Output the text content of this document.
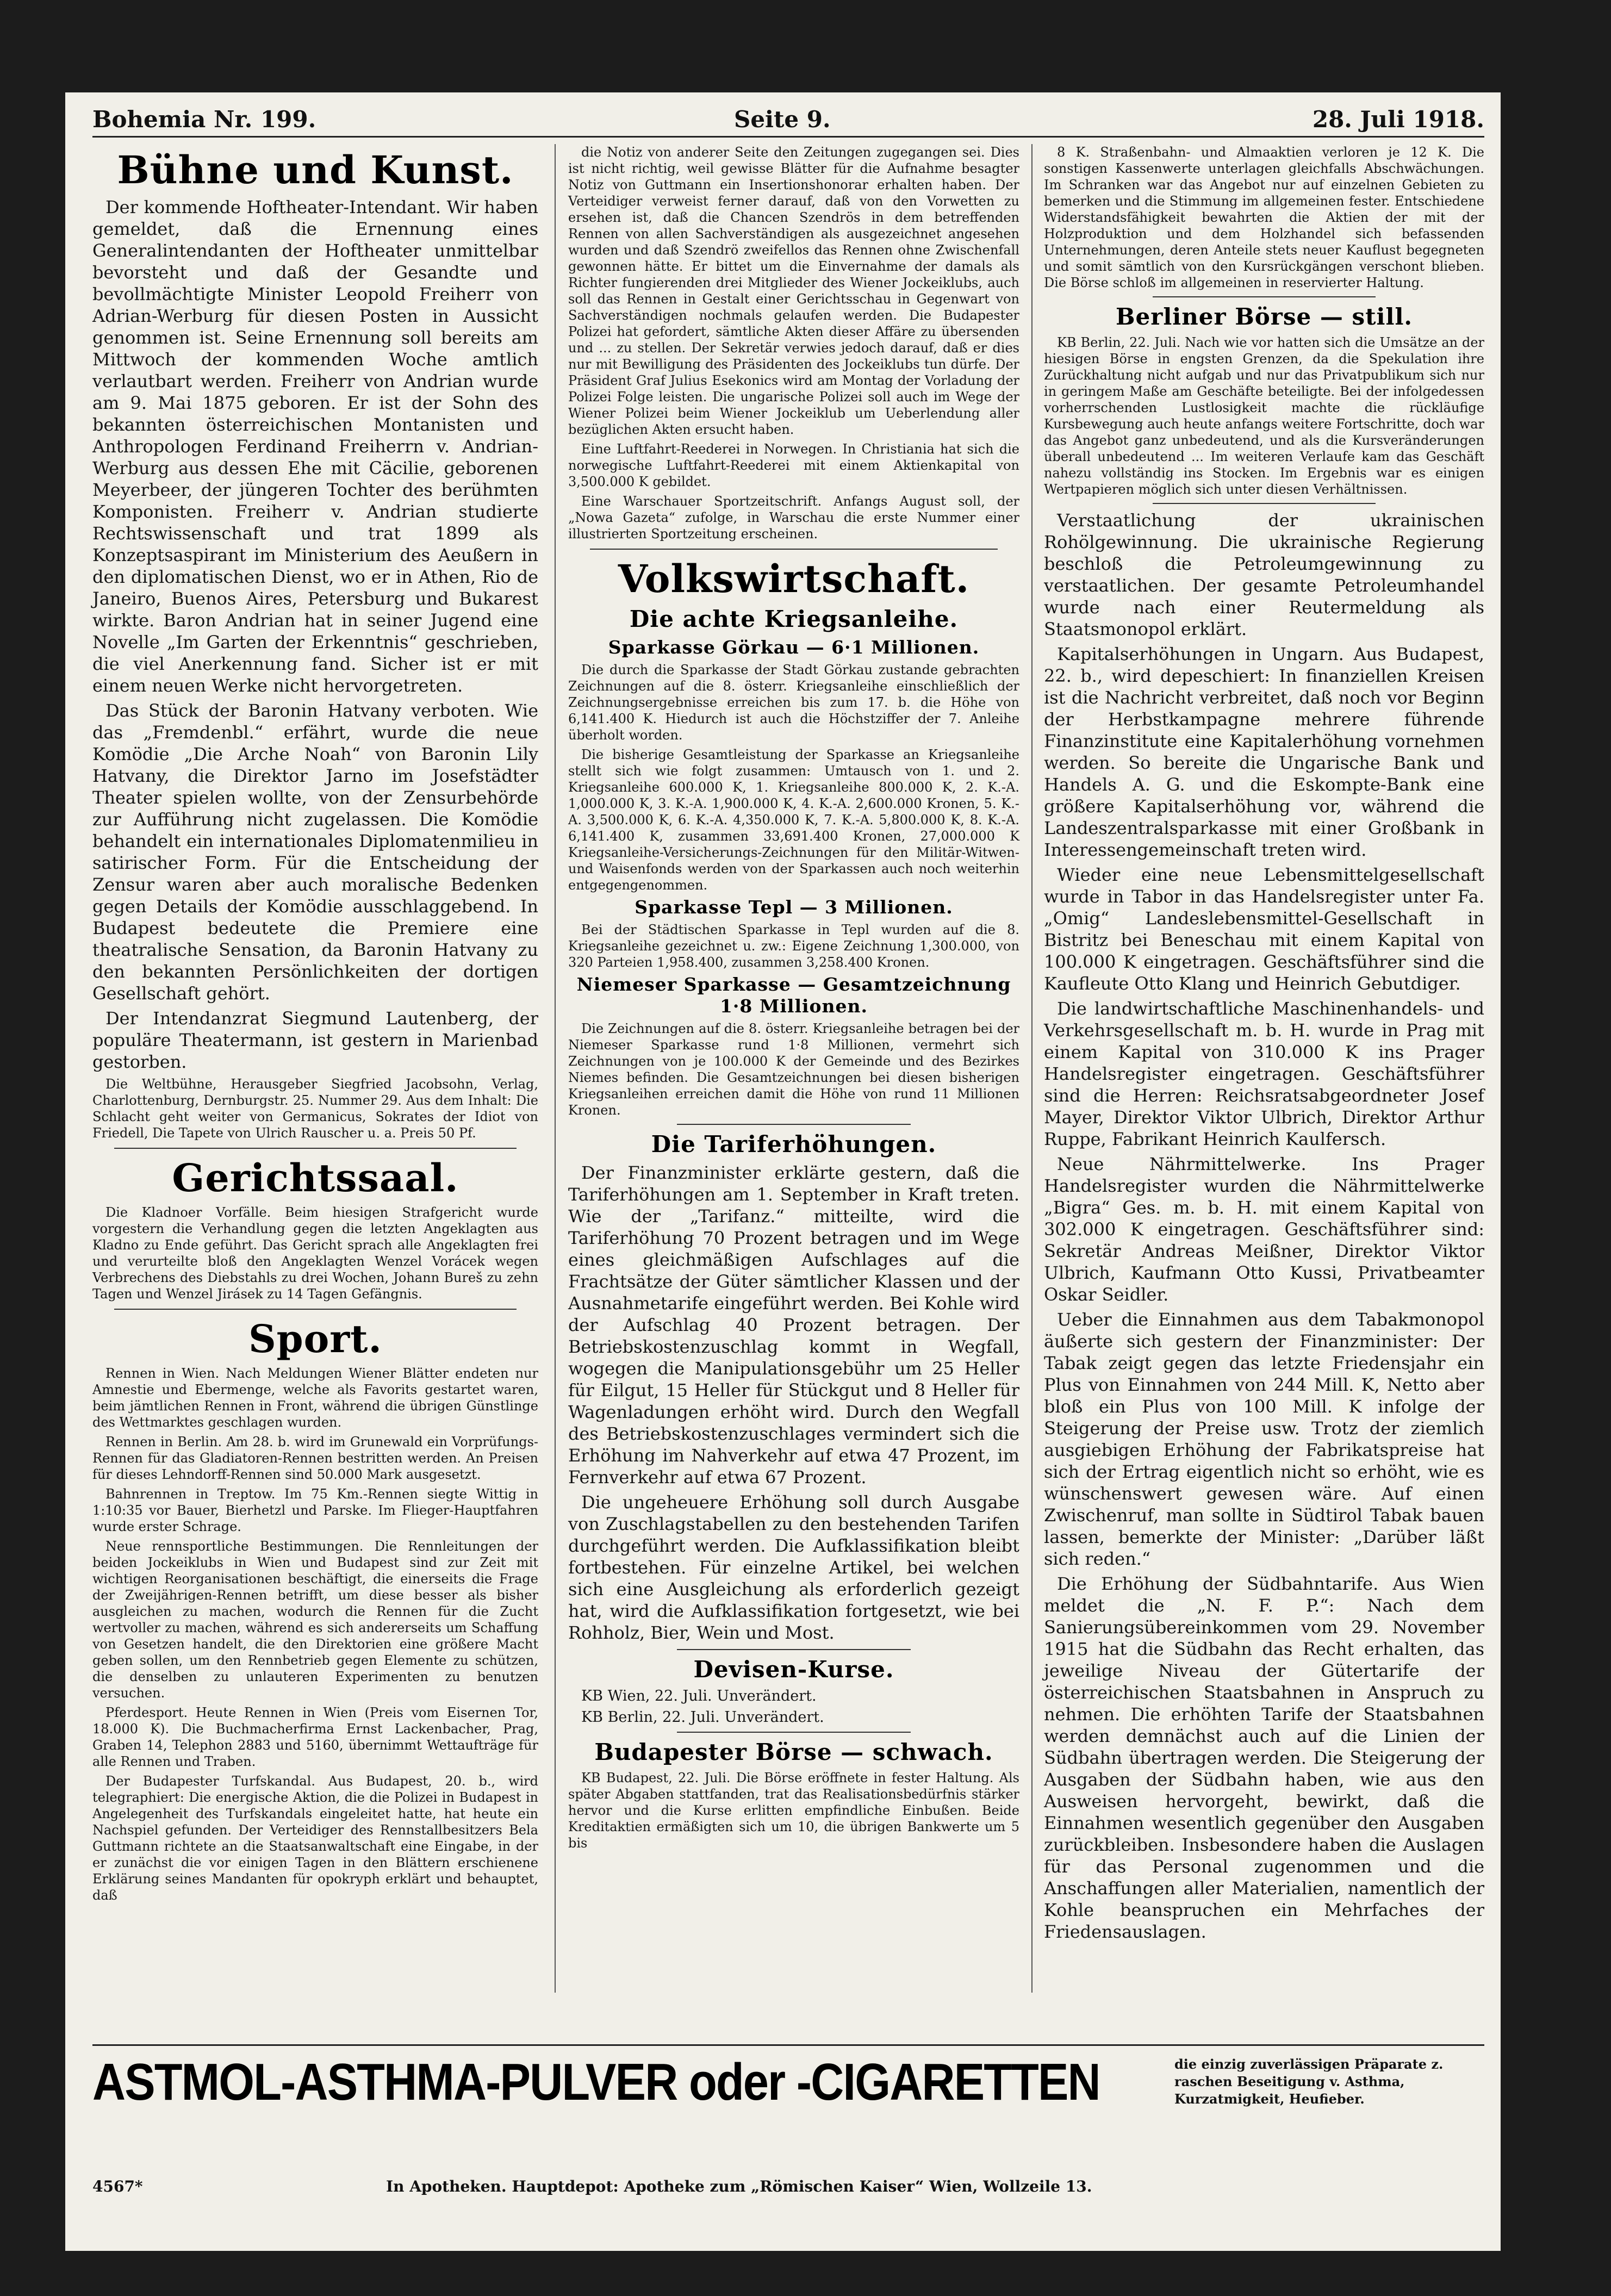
Bohemia Nr. 199.	Seite 9.	28. Juli 1918.
Bühne und Kunst.
Der kommende Hoftheater-Intendant. Wir haben gemeldet, daß die Ernennung eines Generalintendanten der Hoftheater unmittelbar bevorsteht und daß der Gesandte und bevollmächtigte Minister Leopold Freiherr von Adrian-Werburg für diesen Posten in Aussicht genommen ist. Seine Ernennung soll bereits am Mittwoch der kommenden Woche amtlich verlautbart werden. Freiherr von Andrian wurde am 9. Mai 1875 geboren. Er ist der Sohn des bekannten österreichischen Montanisten und Anthropologen Ferdinand Freiherrn v. Andrian-Werburg aus dessen Ehe mit Cäcilie, geborenen Meyerbeer, der jüngeren Tochter des berühmten Komponisten. Freiherr v. Andrian studierte Rechtswissenschaft und trat 1899 als Konzeptsaspirant im Ministerium des Aeußern in den diplomatischen Dienst, wo er in Athen, Rio de Janeiro, Buenos Aires, Petersburg und Bukarest wirkte. Baron Andrian hat in seiner Jugend eine Novelle „Im Garten der Erkenntnis“ geschrieben, die viel Anerkennung fand. Sicher ist er mit einem neuen Werke nicht hervorgetreten.
Das Stück der Baronin Hatvany verboten. Wie das „Fremdenbl.“ erfährt, wurde die neue Komödie „Die Arche Noah“ von Baronin Lily Hatvany, die Direktor Jarno im Josefstädter Theater spielen wollte, von der Zensurbehörde zur Aufführung nicht zugelassen. Die Komödie behandelt ein internationales Diplomatenmilieu in satirischer Form. Für die Entscheidung der Zensur waren aber auch moralische Bedenken gegen Details der Komödie ausschlaggebend. In Budapest bedeutete die Premiere eine theatralische Sensation, da Baronin Hatvany zu den bekannten Persönlichkeiten der dortigen Gesellschaft gehört.
Der Intendanzrat Siegmund Lautenberg, der populäre Theatermann, ist gestern in Marienbad gestorben.
Die Weltbühne, Herausgeber Siegfried Jacobsohn, Verlag, Charlottenburg, Dernburgstr. 25. Nummer 29. Aus dem Inhalt: Die Schlacht geht weiter von Germanicus, Sokrates der Idiot von Friedell, Die Tapete von Ulrich Rauscher u. a. Preis 50 Pf.
Gerichtssaal.
Die Kladnoer Vorfälle. Beim hiesigen Strafgericht wurde vorgestern die Verhandlung gegen die letzten Angeklagten aus Kladno zu Ende geführt. Das Gericht sprach alle Angeklagten frei und verurteilte bloß den Angeklagten Wenzel Vorácek wegen Verbrechens des Diebstahls zu drei Wochen, Johann Bureš zu zehn Tagen und Wenzel Jirásek zu 14 Tagen Gefängnis.
Sport.
Rennen in Wien. Nach Meldungen Wiener Blätter endeten nur Amnestie und Ebermenge, welche als Favorits gestartet waren, beim jämtlichen Rennen in Front, während die übrigen Günstlinge des Wettmarktes geschlagen wurden.
Rennen in Berlin. Am 28. b. wird im Grunewald ein Vorprüfungs-Rennen für das Gladiatoren-Rennen bestritten werden. An Preisen für dieses Lehndorff-Rennen sind 50.000 Mark ausgesetzt.
Bahnrennen in Treptow. Im 75 Km.-Rennen siegte Wittig in 1:10:35 vor Bauer, Bierhetzl und Parske. Im Flieger-Hauptfahren wurde erster Schrage.
Neue rennsportliche Bestimmungen. Die Rennleitungen der beiden Jockeiklubs in Wien und Budapest sind zur Zeit mit wichtigen Reorganisationen beschäftigt, die einerseits die Frage der Zweijährigen-Rennen betrifft, um diese besser als bisher ausgleichen zu machen, wodurch die Rennen für die Zucht wertvoller zu machen, während es sich andererseits um Schaffung von Gesetzen handelt, die den Direktorien eine größere Macht geben sollen, um den Rennbetrieb gegen Elemente zu schützen, die denselben zu unlauteren Experimenten zu benutzen versuchen.
Pferdesport. Heute Rennen in Wien (Preis vom Eisernen Tor, 18.000 K). Die Buchmacherfirma Ernst Lackenbacher, Prag, Graben 14, Telephon 2883 und 5160, übernimmt Wettaufträge für alle Rennen und Traben.
Der Budapester Turfskandal. Aus Budapest, 20. b., wird telegraphiert: Die energische Aktion, die die Polizei in Budapest in Angelegenheit des Turfskandals eingeleitet hatte, hat heute ein Nachspiel gefunden. Der Verteidiger des Rennstallbesitzers Bela Guttmann richtete an die Staatsanwaltschaft eine Eingabe, in der er zunächst die vor einigen Tagen in den Blättern erschienene Erklärung seines Mandanten für opokryph erklärt und behauptet, daß
die Notiz von anderer Seite den Zeitungen zugegangen sei. Dies ist nicht richtig, weil gewisse Blätter für die Aufnahme besagter Notiz von Guttmann ein Insertionshonorar erhalten haben. Der Verteidiger verweist ferner darauf, daß von den Vorwetten zu ersehen ist, daß die Chancen Szendrös in dem betreffenden Rennen von allen Sachverständigen als ausgezeichnet angesehen wurden und daß Szendrö zweifellos das Rennen ohne Zwischenfall gewonnen hätte. Er bittet um die Einvernahme der damals als Richter fungierenden drei Mitglieder des Wiener Jockeiklubs, auch soll das Rennen in Gestalt einer Gerichtsschau in Gegenwart von Sachverständigen nochmals gelaufen werden. Die Budapester Polizei hat gefordert, sämtliche Akten dieser Affäre zu übersenden und ... zu stellen. Der Sekretär verwies jedoch darauf, daß er dies nur mit Bewilligung des Präsidenten des Jockeiklubs tun dürfe. Der Präsident Graf Julius Esekonics wird am Montag der Vorladung der Polizei Folge leisten. Die ungarische Polizei soll auch im Wege der Wiener Polizei beim Wiener Jockeiklub um Ueberlendung aller bezüglichen Akten ersucht haben.
Eine Luftfahrt-Reederei in Norwegen. In Christiania hat sich die norwegische Luftfahrt-Reederei mit einem Aktienkapital von 3,500.000 K gebildet.
Eine Warschauer Sportzeitschrift. Anfangs August soll, der „Nowa Gazeta“ zufolge, in Warschau die erste Nummer einer illustrierten Sportzeitung erscheinen.
Volkswirtschaft.
Die achte Kriegsanleihe.
Sparkasse Görkau — 6·1 Millionen.
Die durch die Sparkasse der Stadt Görkau zustande gebrachten Zeichnungen auf die 8. österr. Kriegsanleihe einschließlich der Zeichnungsergebnisse erreichen bis zum 17. b. die Höhe von 6,141.400 K. Hiedurch ist auch die Höchstziffer der 7. Anleihe überholt worden.
Die bisherige Gesamtleistung der Sparkasse an Kriegsanleihe stellt sich wie folgt zusammen: Umtausch von 1. und 2. Kriegsanleihe 600.000 K, 1. Kriegsanleihe 800.000 K, 2. K.-A. 1,000.000 K, 3. K.-A. 1,900.000 K, 4. K.-A. 2,600.000 Kronen, 5. K.-A. 3,500.000 K, 6. K.-A. 4,350.000 K, 7. K.-A. 5,800.000 K, 8. K.-A. 6,141.400 K, zusammen 33,691.400 Kronen, 27,000.000 K Kriegsanleihe-Versicherungs-Zeichnungen für den Militär-Witwen- und Waisenfonds werden von der Sparkassen auch noch weiterhin entgegengenommen.
Sparkasse Tepl — 3 Millionen.
Bei der Städtischen Sparkasse in Tepl wurden auf die 8. Kriegsanleihe gezeichnet u. zw.: Eigene Zeichnung 1,300.000, von 320 Parteien 1,958.400, zusammen 3,258.400 Kronen.
Niemeser Sparkasse — Gesamtzeichnung 1·8 Millionen.
Die Zeichnungen auf die 8. österr. Kriegsanleihe betragen bei der Niemeser Sparkasse rund 1·8 Millionen, vermehrt sich Zeichnungen von je 100.000 K der Gemeinde und des Bezirkes Niemes befinden. Die Gesamtzeichnungen bei diesen bisherigen Kriegsanleihen erreichen damit die Höhe von rund 11 Millionen Kronen.
Die Tariferhöhungen.
Der Finanzminister erklärte gestern, daß die Tariferhöhungen am 1. September in Kraft treten. Wie der „Tarifanz.“ mitteilte, wird die Tariferhöhung 70 Prozent betragen und im Wege eines gleichmäßigen Aufschlages auf die Frachtsätze der Güter sämtlicher Klassen und der Ausnahmetarife eingeführt werden. Bei Kohle wird der Aufschlag 40 Prozent betragen. Der Betriebskostenzuschlag kommt in Wegfall, wogegen die Manipulationsgebühr um 25 Heller für Eilgut, 15 Heller für Stückgut und 8 Heller für Wagenladungen erhöht wird. Durch den Wegfall des Betriebskostenzuschlages vermindert sich die Erhöhung im Nahverkehr auf etwa 47 Prozent, im Fernverkehr auf etwa 67 Prozent.
Die ungeheuere Erhöhung soll durch Ausgabe von Zuschlagstabellen zu den bestehenden Tarifen durchgeführt werden. Die Aufklassifikation bleibt fortbestehen. Für einzelne Artikel, bei welchen sich eine Ausgleichung als erforderlich gezeigt hat, wird die Aufklassifikation fortgesetzt, wie bei Rohholz, Bier, Wein und Most.
Devisen-Kurse.
KB Wien, 22. Juli. Unverändert.
KB Berlin, 22. Juli. Unverändert.
Budapester Börse — schwach.
KB Budapest, 22. Juli. Die Börse eröffnete in fester Haltung. Als später Abgaben stattfanden, trat das Realisationsbedürfnis stärker hervor und die Kurse erlitten empfindliche Einbußen. Beide Kreditaktien ermäßigten sich um 10, die übrigen Bankwerte um 5 bis
8 K. Straßenbahn- und Almaaktien verloren je 12 K. Die sonstigen Kassenwerte unterlagen gleichfalls Abschwächungen. Im Schranken war das Angebot nur auf einzelnen Gebieten zu bemerken und die Stimmung im allgemeinen fester. Entschiedene Widerstandsfähigkeit bewahrten die Aktien der mit der Holzproduktion und dem Holzhandel sich befassenden Unternehmungen, deren Anteile stets neuer Kauflust begegneten und somit sämtlich von den Kursrückgängen verschont blieben. Die Börse schloß im allgemeinen in reservierter Haltung.
Berliner Börse — still.
KB Berlin, 22. Juli. Nach wie vor hatten sich die Umsätze an der hiesigen Börse in engsten Grenzen, da die Spekulation ihre Zurückhaltung nicht aufgab und nur das Privatpublikum sich nur in geringem Maße am Geschäfte beteiligte. Bei der infolgedessen vorherrschenden Lustlosigkeit machte die rückläufige Kursbewegung auch heute anfangs weitere Fortschritte, doch war das Angebot ganz unbedeutend, und als die Kursveränderungen überall unbedeutend ... Im weiteren Verlaufe kam das Geschäft nahezu vollständig ins Stocken. Im Ergebnis war es einigen Wertpapieren möglich sich unter diesen Verhältnissen.
Verstaatlichung der ukrainischen Rohölgewinnung. Die ukrainische Regierung beschloß die Petroleumgewinnung zu verstaatlichen. Der gesamte Petroleumhandel wurde nach einer Reutermeldung als Staatsmonopol erklärt.
Kapitalserhöhungen in Ungarn. Aus Budapest, 22. b., wird depeschiert: In finanziellen Kreisen ist die Nachricht verbreitet, daß noch vor Beginn der Herbstkampagne mehrere führende Finanzinstitute eine Kapitalerhöhung vornehmen werden. So bereite die Ungarische Bank und Handels A. G. und die Eskompte-Bank eine größere Kapitalserhöhung vor, während die Landeszentralsparkasse mit einer Großbank in Interessengemeinschaft treten wird.
Wieder eine neue Lebensmittelgesellschaft wurde in Tabor in das Handelsregister unter Fa. „Omig“ Landeslebensmittel-Gesellschaft in Bistritz bei Beneschau mit einem Kapital von 100.000 K eingetragen. Geschäftsführer sind die Kaufleute Otto Klang und Heinrich Gebutdiger.
Die landwirtschaftliche Maschinenhandels- und Verkehrsgesellschaft m. b. H. wurde in Prag mit einem Kapital von 310.000 K ins Prager Handelsregister eingetragen. Geschäftsführer sind die Herren: Reichsratsabgeordneter Josef Mayer, Direktor Viktor Ulbrich, Direktor Arthur Ruppe, Fabrikant Heinrich Kaulfersch.
Neue Nährmittelwerke. Ins Prager Handelsregister wurden die Nährmittelwerke „Bigra“ Ges. m. b. H. mit einem Kapital von 302.000 K eingetragen. Geschäftsführer sind: Sekretär Andreas Meißner, Direktor Viktor Ulbrich, Kaufmann Otto Kussi, Privatbeamter Oskar Seidler.
Ueber die Einnahmen aus dem Tabakmonopol äußerte sich gestern der Finanzminister: Der Tabak zeigt gegen das letzte Friedensjahr ein Plus von Einnahmen von 244 Mill. K, Netto aber bloß ein Plus von 100 Mill. K infolge der Steigerung der Preise usw. Trotz der ziemlich ausgiebigen Erhöhung der Fabrikatspreise hat sich der Ertrag eigentlich nicht so erhöht, wie es wünschenswert gewesen wäre. Auf einen Zwischenruf, man sollte in Südtirol Tabak bauen lassen, bemerkte der Minister: „Darüber läßt sich reden.“
Die Erhöhung der Südbahntarife. Aus Wien meldet die „N. F. P.“: Nach dem Sanierungsübereinkommen vom 29. November 1915 hat die Südbahn das Recht erhalten, das jeweilige Niveau der Gütertarife der österreichischen Staatsbahnen in Anspruch zu nehmen. Die erhöhten Tarife der Staatsbahnen werden demnächst auch auf die Linien der Südbahn übertragen werden. Die Steigerung der Ausgaben der Südbahn haben, wie aus den Ausweisen hervorgeht, bewirkt, daß die Einnahmen wesentlich gegenüber den Ausgaben zurückbleiben. Insbesondere haben die Auslagen für das Personal zugenommen und die Anschaffungen aller Materialien, namentlich der Kohle beanspruchen ein Mehrfaches der Friedensauslagen.
ASTMOL-ASTHMA-PULVER oder -CIGARETTEN	die einzig zuverlässigen Präparate z. raschen Beseitigung v. Asthma, Kurzatmigkeit, Heufieber.
4567*	In Apotheken. Hauptdepot: Apotheke zum „Römischen Kaiser“ Wien, Wollzeile 13.
